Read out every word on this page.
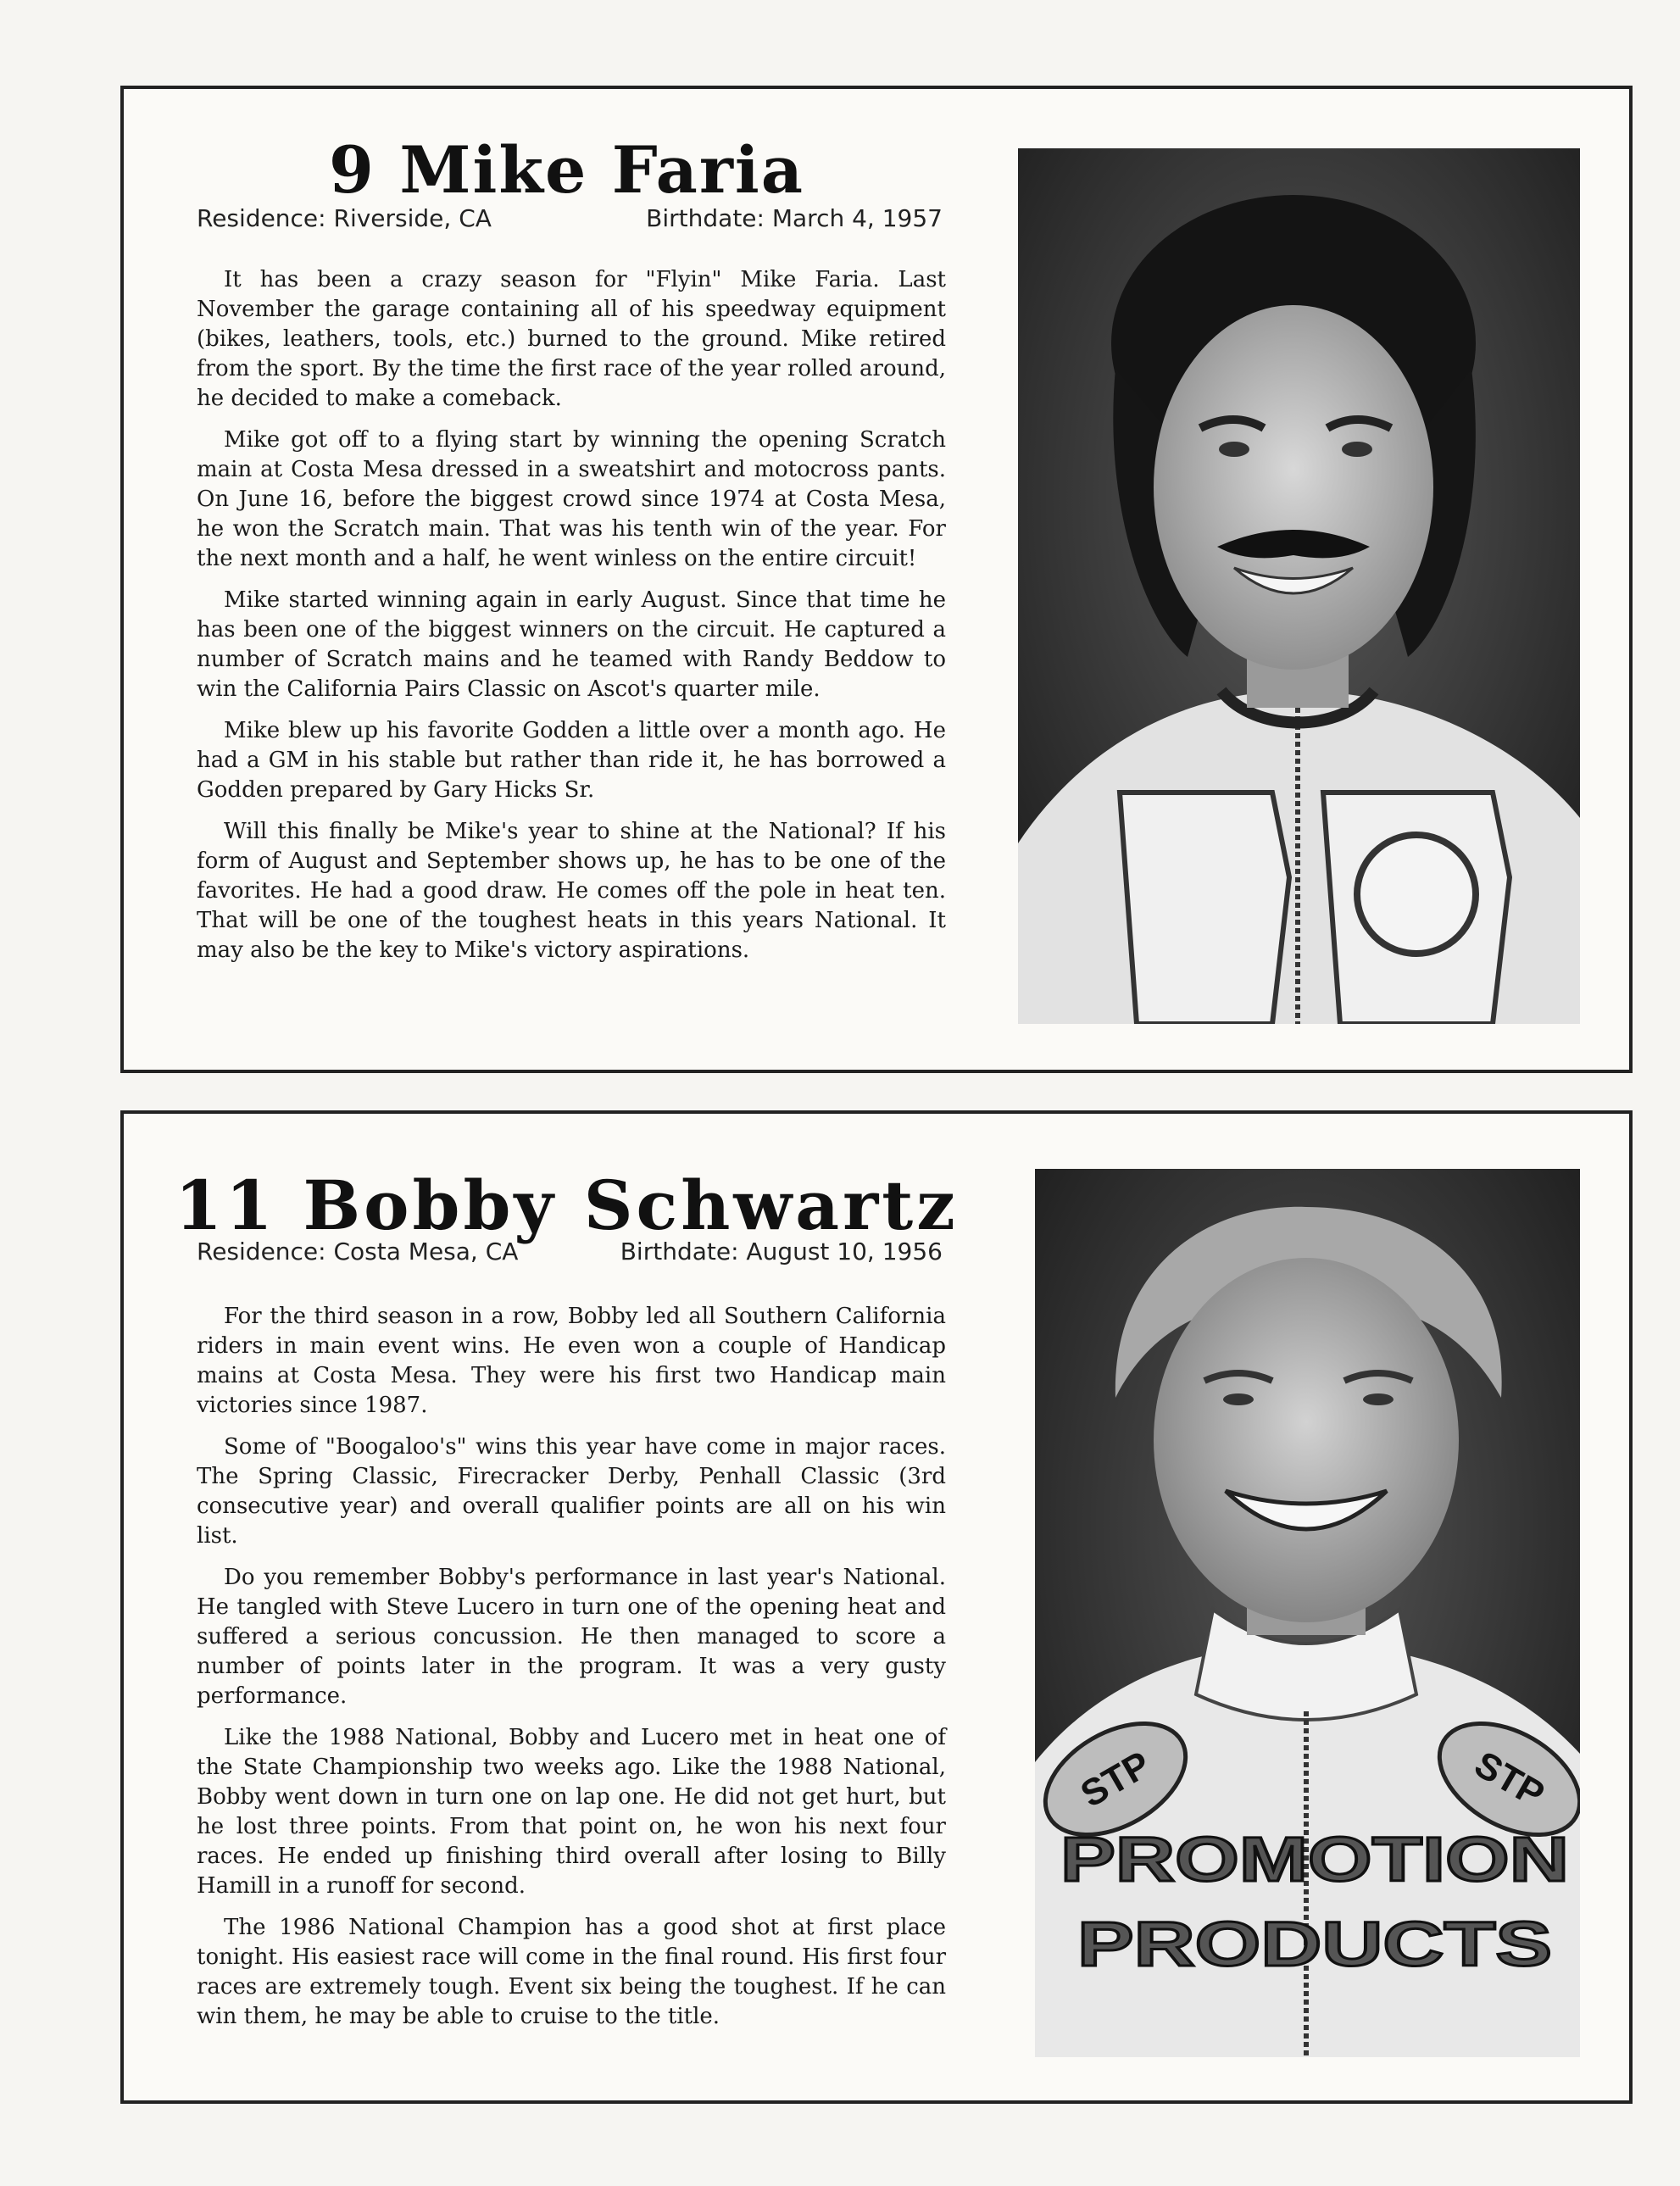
9 Mike Faria
Residence: Riverside, CA	Birthdate: March 4, 1957

It has been a crazy season for "Flyin" Mike Faria. Last November the garage containing all of his speedway equipment (bikes, leathers, tools, etc.) burned to the ground. Mike retired from the sport. By the time the first race of the year rolled around, he decided to make a comeback.

Mike got off to a flying start by winning the opening Scratch main at Costa Mesa dressed in a sweatshirt and motocross pants. On June 16, before the biggest crowd since 1974 at Costa Mesa, he won the Scratch main. That was his tenth win of the year. For the next month and a half, he went winless on the entire circuit!

Mike started winning again in early August. Since that time he has been one of the biggest winners on the circuit. He captured a number of Scratch mains and he teamed with Randy Beddow to win the California Pairs Classic on Ascot's quarter mile.

Mike blew up his favorite Godden a little over a month ago. He had a GM in his stable but rather than ride it, he has borrowed a Godden prepared by Gary Hicks Sr.

Will this finally be Mike's year to shine at the National? If his form of August and September shows up, he has to be one of the favorites. He had a good draw. He comes off the pole in heat ten. That will be one of the toughest heats in this years National. It may also be the key to Mike's victory aspirations.

11 Bobby Schwartz
Residence: Costa Mesa, CA	Birthdate: August 10, 1956

For the third season in a row, Bobby led all Southern California riders in main event wins. He even won a couple of Handicap mains at Costa Mesa. They were his first two Handicap main victories since 1987.

Some of "Boogaloo's" wins this year have come in major races. The Spring Classic, Firecracker Derby, Penhall Classic (3rd consecutive year) and overall qualifier points are all on his win list.

Do you remember Bobby's performance in last year's National. He tangled with Steve Lucero in turn one of the opening heat and suffered a serious concussion. He then managed to score a number of points later in the program. It was a very gusty performance.

Like the 1988 National, Bobby and Lucero met in heat one of the State Championship two weeks ago. Like the 1988 National, Bobby went down in turn one on lap one. He did not get hurt, but he lost three points. From that point on, he won his next four races. He ended up finishing third overall after losing to Billy Hamill in a runoff for second.

The 1986 National Champion has a good shot at first place tonight. His easiest race will come in the final round. His first four races are extremely tough. Event six being the toughest. If he can win them, he may be able to cruise to the title.

STP	STP
PROMOTION
PRODUCTS
